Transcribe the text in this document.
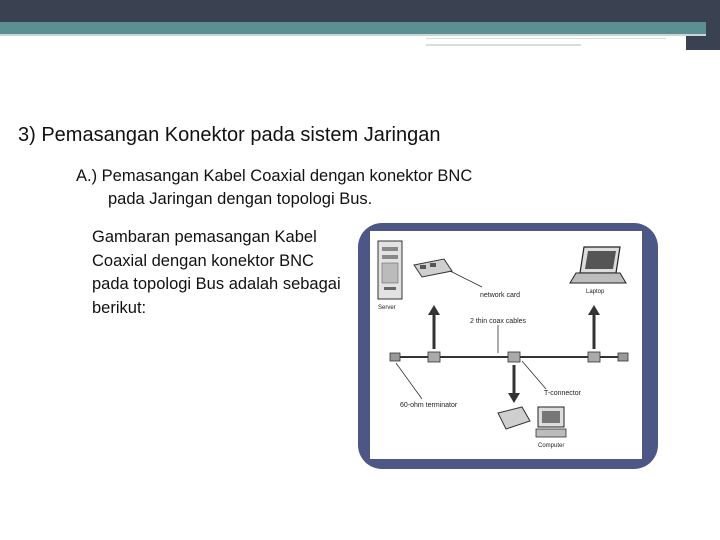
3) Pemasangan Konektor pada sistem Jaringan
A.) Pemasangan Kabel Coaxial dengan konektor BNC
pada Jaringan dengan topologi Bus.
Gambaran pemasangan Kabel Coaxial dengan konektor BNC pada topologi Bus adalah sebagai berikut:	Server
network card	Laptop
2 thin coax cables
T-connector
60-ohm terminator
Computer
